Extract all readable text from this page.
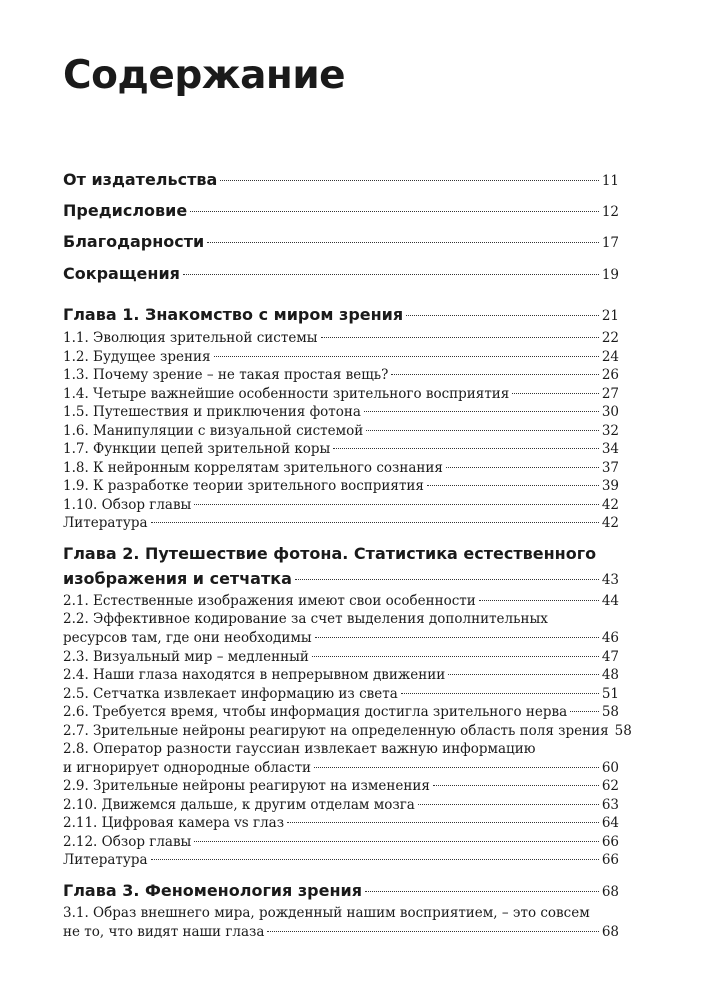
Содержание
От издательства	11
Предисловие	12
Благодарности	17
Сокращения	19
Глава 1. Знакомство с миром зрения	21
1.1. Эволюция зрительной системы	22
1.2. Будущее зрения	24
1.3. Почему зрение – не такая простая вещь?	26
1.4. Четыре важнейшие особенности зрительного восприятия	27
1.5. Путешествия и приключения фотона	30
1.6. Манипуляции с визуальной системой	32
1.7. Функции цепей зрительной коры	34
1.8. К нейронным коррелятам зрительного сознания	37
1.9. К разработке теории зрительного восприятия	39
1.10. Обзор главы	42
Литература	42
Глава 2. Путешествие фотона. Статистика естественного
изображения и сетчатка	43
2.1. Естественные изображения имеют свои особенности	44
2.2. Эффективное кодирование за счет выделения дополнительных
ресурсов там, где они необходимы	46
2.3. Визуальный мир – медленный	47
2.4. Наши глаза находятся в непрерывном движении	48
2.5. Сетчатка извлекает информацию из света	51
2.6. Требуется время, чтобы информация достигла зрительного нерва	58
2.7. Зрительные нейроны реагируют на определенную область поля зрения 58
2.8. Оператор разности гауссиан извлекает важную информацию
и игнорирует однородные области	60
2.9. Зрительные нейроны реагируют на изменения	62
2.10. Движемся дальше, к другим отделам мозга	63
2.11. Цифровая камера vs глаз	64
2.12. Обзор главы	66
Литература	66
Глава 3. Феноменология зрения	68
3.1. Образ внешнего мира, рожденный нашим восприятием, – это совсем
не то, что видят наши глаза	68
